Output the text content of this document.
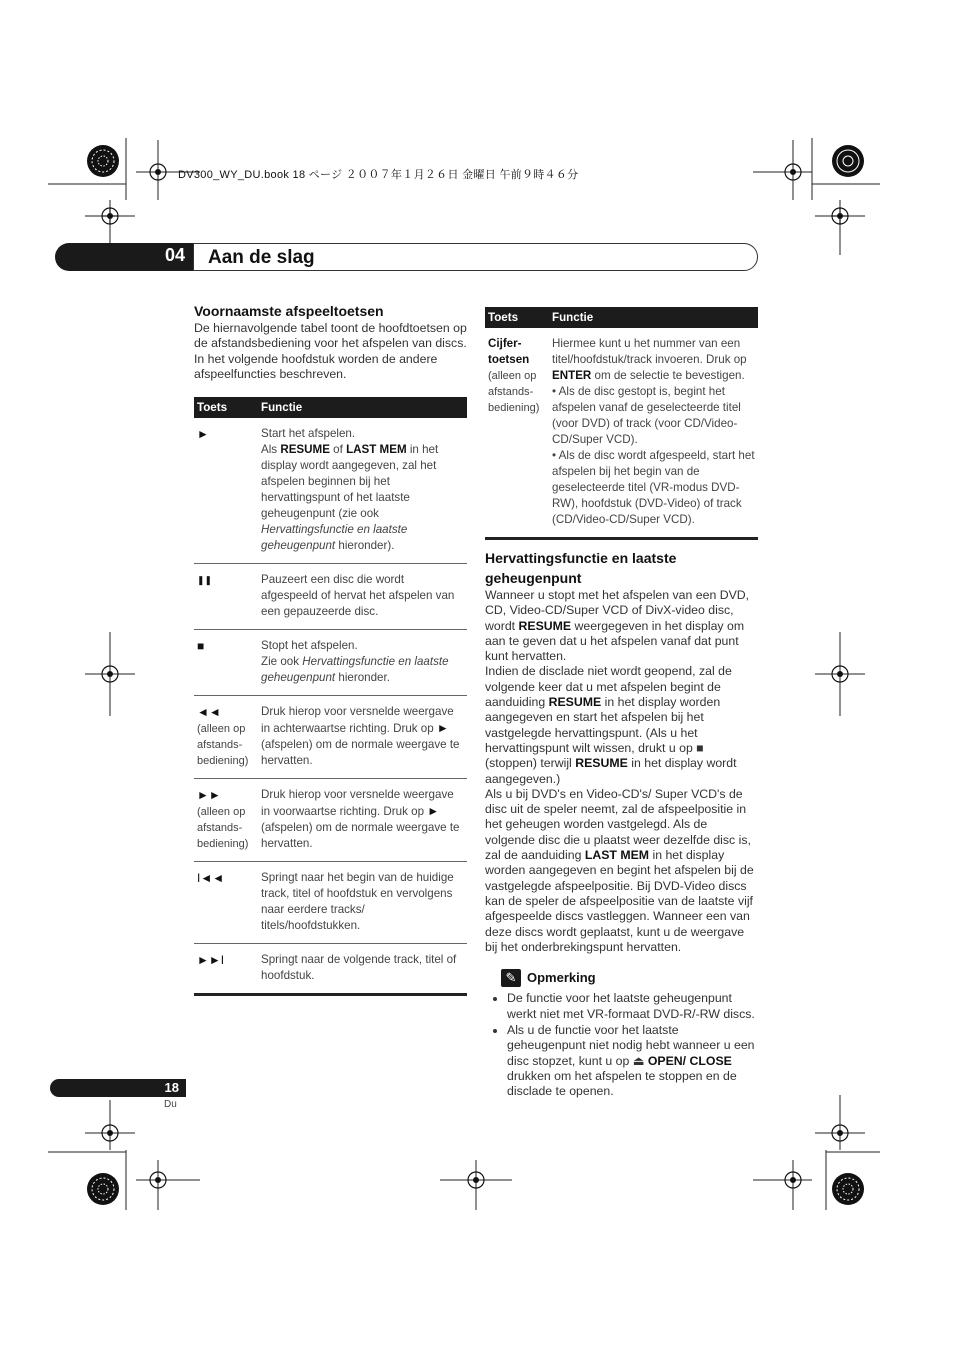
DV300_WY_DU.book 18 ページ ２００７年１月２６日 金曜日 午前９時４６分
04 Aan de slag
Voornaamste afspeeltoetsen

De hiernavolgende tabel toont de hoofdtoetsen op de afstandsbediening voor het afspelen van discs. In het volgende hoofdstuk worden de andere afspeelfuncties beschreven.

Toets	Functie
►	Start het afspelen.
Als RESUME of LAST MEM in het display wordt aangegeven, zal het afspelen beginnen bij het hervattingspunt of het laatste geheugenpunt (zie ook Hervattingsfunctie en laatste geheugenpunt hieronder).
❚❚	Pauzeert een disc die wordt afgespeeld of hervat het afspelen van een gepauzeerde disc.
■	Stopt het afspelen.
Zie ook Hervattingsfunctie en laatste geheugenpunt hieronder.
◄◄
(alleen op afstands-bediening)	Druk hierop voor versnelde weergave in achterwaartse richting. Druk op ► (afspelen) om de normale weergave te hervatten.
►►
(alleen op afstands-bediening)	Druk hierop voor versnelde weergave in voorwaartse richting. Druk op ► (afspelen) om de normale weergave te hervatten.
I◄◄	Springt naar het begin van de huidige track, titel of hoofdstuk en vervolgens naar eerdere tracks/ titels/hoofdstukken.
►►I	Springt naar de volgende track, titel of hoofdstuk.
Toets	Functie

Cijfer-toetsen
(alleen op afstands-bediening)	Hiermee kunt u het nummer van een titel/hoofdstuk/track invoeren. Druk op ENTER om de selectie te bevestigen.
• Als de disc gestopt is, begint het afspelen vanaf de geselecteerde titel (voor DVD) of track (voor CD/Video-CD/Super VCD).
• Als de disc wordt afgespeeld, start het afspelen bij het begin van de geselecteerde titel (VR-modus DVD-RW), hoofdstuk (DVD-Video) of track (CD/Video-CD/Super VCD).
Hervattingsfunctie en laatste geheugenpunt

Wanneer u stopt met het afspelen van een DVD, CD, Video-CD/Super VCD of DivX-video disc, wordt RESUME weergegeven in het display om aan te geven dat u het afspelen vanaf dat punt kunt hervatten.

Indien de disclade niet wordt geopend, zal de volgende keer dat u met afspelen begint de aanduiding RESUME in het display worden aangegeven en start het afspelen bij het vastgelegde hervattingspunt. (Als u het hervattingspunt wilt wissen, drukt u op ■ (stoppen) terwijl RESUME in het display wordt aangegeven.)

Als u bij DVD's en Video-CD's/ Super VCD's de disc uit de speler neemt, zal de afspeelpositie in het geheugen worden vastgelegd. Als de volgende disc die u plaatst weer dezelfde disc is, zal de aanduiding LAST MEM in het display worden aangegeven en begint het afspelen bij de vastgelegde afspeelpositie. Bij DVD-Video discs kan de speler de afspeelpositie van de laatste vijf afgespeelde discs vastleggen. Wanneer een van deze discs wordt geplaatst, kunt u de weergave bij het onderbrekingspunt hervatten.

✎ Opmerking
• De functie voor het laatste geheugenpunt werkt niet met VR-formaat DVD-R/-RW discs.
• Als u de functie voor het laatste geheugenpunt niet nodig hebt wanneer u een disc stopzet, kunt u op ⏏ OPEN/ CLOSE drukken om het afspelen te stoppen en de disclade te openen.
18
Du
